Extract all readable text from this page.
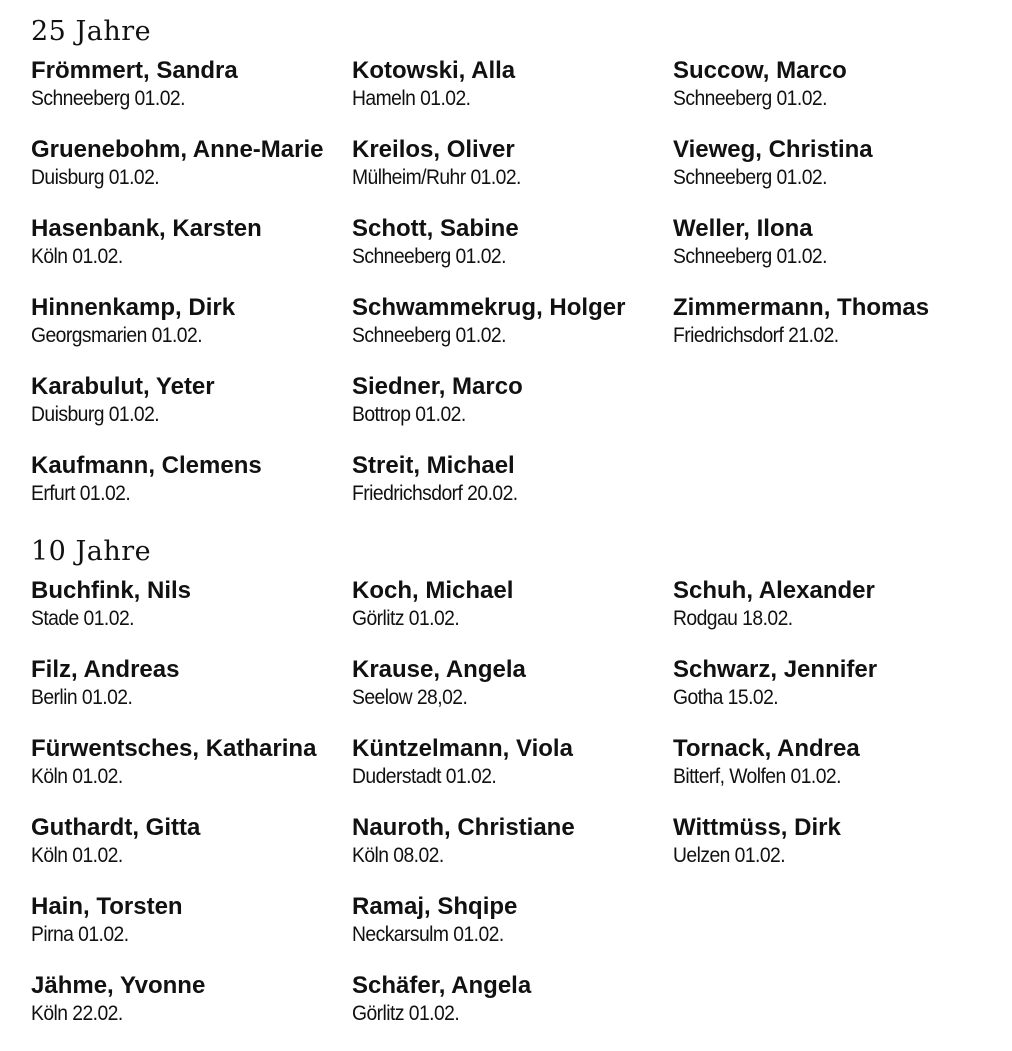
25 Jahre
Frömmert, Sandra
Schneeberg 01.02.
Gruenebohm, Anne-Marie
Duisburg 01.02.
Hasenbank, Karsten
Köln 01.02.
Hinnenkamp, Dirk
Georgsmarien 01.02.
Karabulut, Yeter
Duisburg 01.02.
Kaufmann, Clemens
Erfurt 01.02.
Kotowski, Alla
Hameln 01.02.
Kreilos, Oliver
Mülheim/Ruhr 01.02.
Schott, Sabine
Schneeberg 01.02.
Schwammekrug, Holger
Schneeberg 01.02.
Siedner, Marco
Bottrop 01.02.
Streit, Michael
Friedrichsdorf 20.02.
Succow, Marco
Schneeberg 01.02.
Vieweg, Christina
Schneeberg 01.02.
Weller, Ilona
Schneeberg 01.02.
Zimmermann, Thomas
Friedrichsdorf 21.02.
10 Jahre
Buchfink, Nils
Stade 01.02.
Filz, Andreas
Berlin 01.02.
Fürwentsches, Katharina
Köln 01.02.
Guthardt, Gitta
Köln 01.02.
Hain, Torsten
Pirna 01.02.
Jähme, Yvonne
Köln 22.02.
Koch, Michael
Görlitz 01.02.
Krause, Angela
Seelow 28,02.
Küntzelmann, Viola
Duderstadt 01.02.
Nauroth, Christiane
Köln 08.02.
Ramaj, Shqipe
Neckarsulm 01.02.
Schäfer, Angela
Görlitz 01.02.
Schuh, Alexander
Rodgau 18.02.
Schwarz, Jennifer
Gotha 15.02.
Tornack, Andrea
Bitterf, Wolfen 01.02.
Wittmüss, Dirk
Uelzen 01.02.
